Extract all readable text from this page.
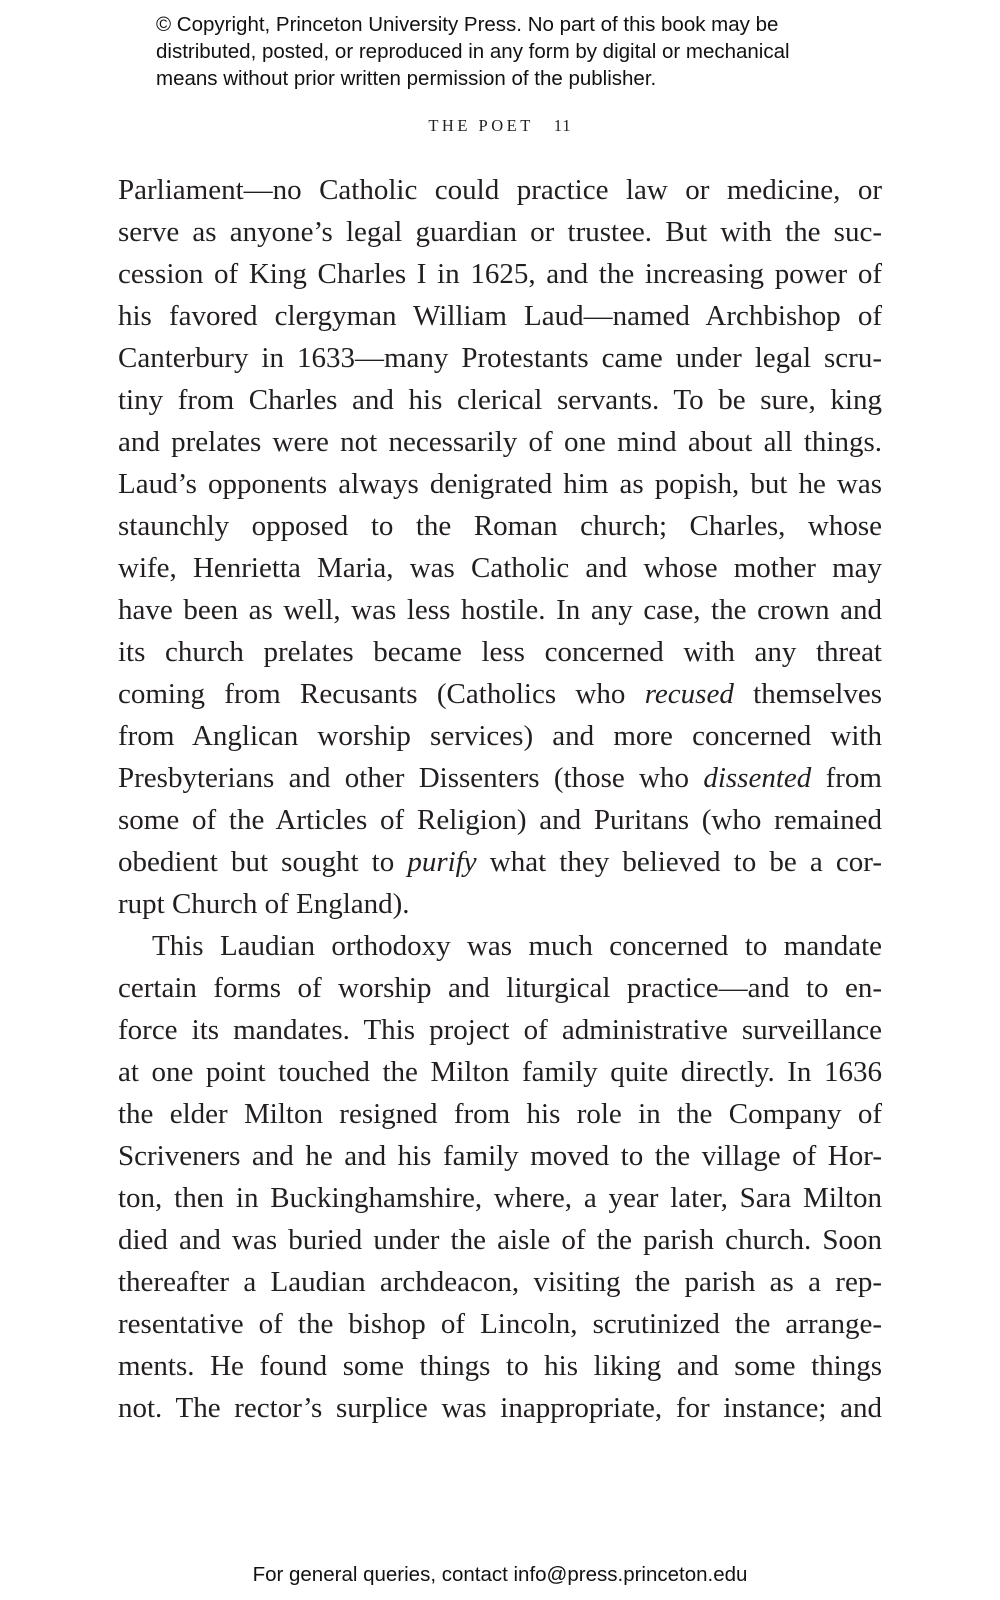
© Copyright, Princeton University Press. No part of this book may be
distributed, posted, or reproduced in any form by digital or mechanical
means without prior written permission of the publisher.
THE POET 11
Parliament—no Catholic could practice law or medicine, or
serve as anyone’s legal guardian or trustee. But with the suc-
cession of King Charles I in 1625, and the increasing power of
his favored clergyman William Laud—named Archbishop of
Canterbury in 1633—many Protestants came under legal scru-
tiny from Charles and his clerical servants. To be sure, king
and prelates were not necessarily of one mind about all things.
Laud’s opponents always denigrated him as popish, but he was
staunchly opposed to the Roman church; Charles, whose
wife, Henrietta Maria, was Catholic and whose mother may
have been as well, was less hostile. In any case, the crown and
its church prelates became less concerned with any threat
coming from Recusants (Catholics who recused themselves
from Anglican worship services) and more concerned with
Presbyterians and other Dissenters (those who dissented from
some of the Articles of Religion) and Puritans (who remained
obedient but sought to purify what they believed to be a cor-
rupt Church of England).
This Laudian orthodoxy was much concerned to mandate
certain forms of worship and liturgical practice—and to en-
force its mandates. This project of administrative surveillance
at one point touched the Milton family quite directly. In 1636
the elder Milton resigned from his role in the Company of
Scriveners and he and his family moved to the village of Hor-
ton, then in Buckinghamshire, where, a year later, Sara Milton
died and was buried under the aisle of the parish church. Soon
thereafter a Laudian archdeacon, visiting the parish as a rep-
resentative of the bishop of Lincoln, scrutinized the arrange-
ments. He found some things to his liking and some things
not. The rector’s surplice was inappropriate, for instance; and
For general queries, contact info@press.princeton.edu
